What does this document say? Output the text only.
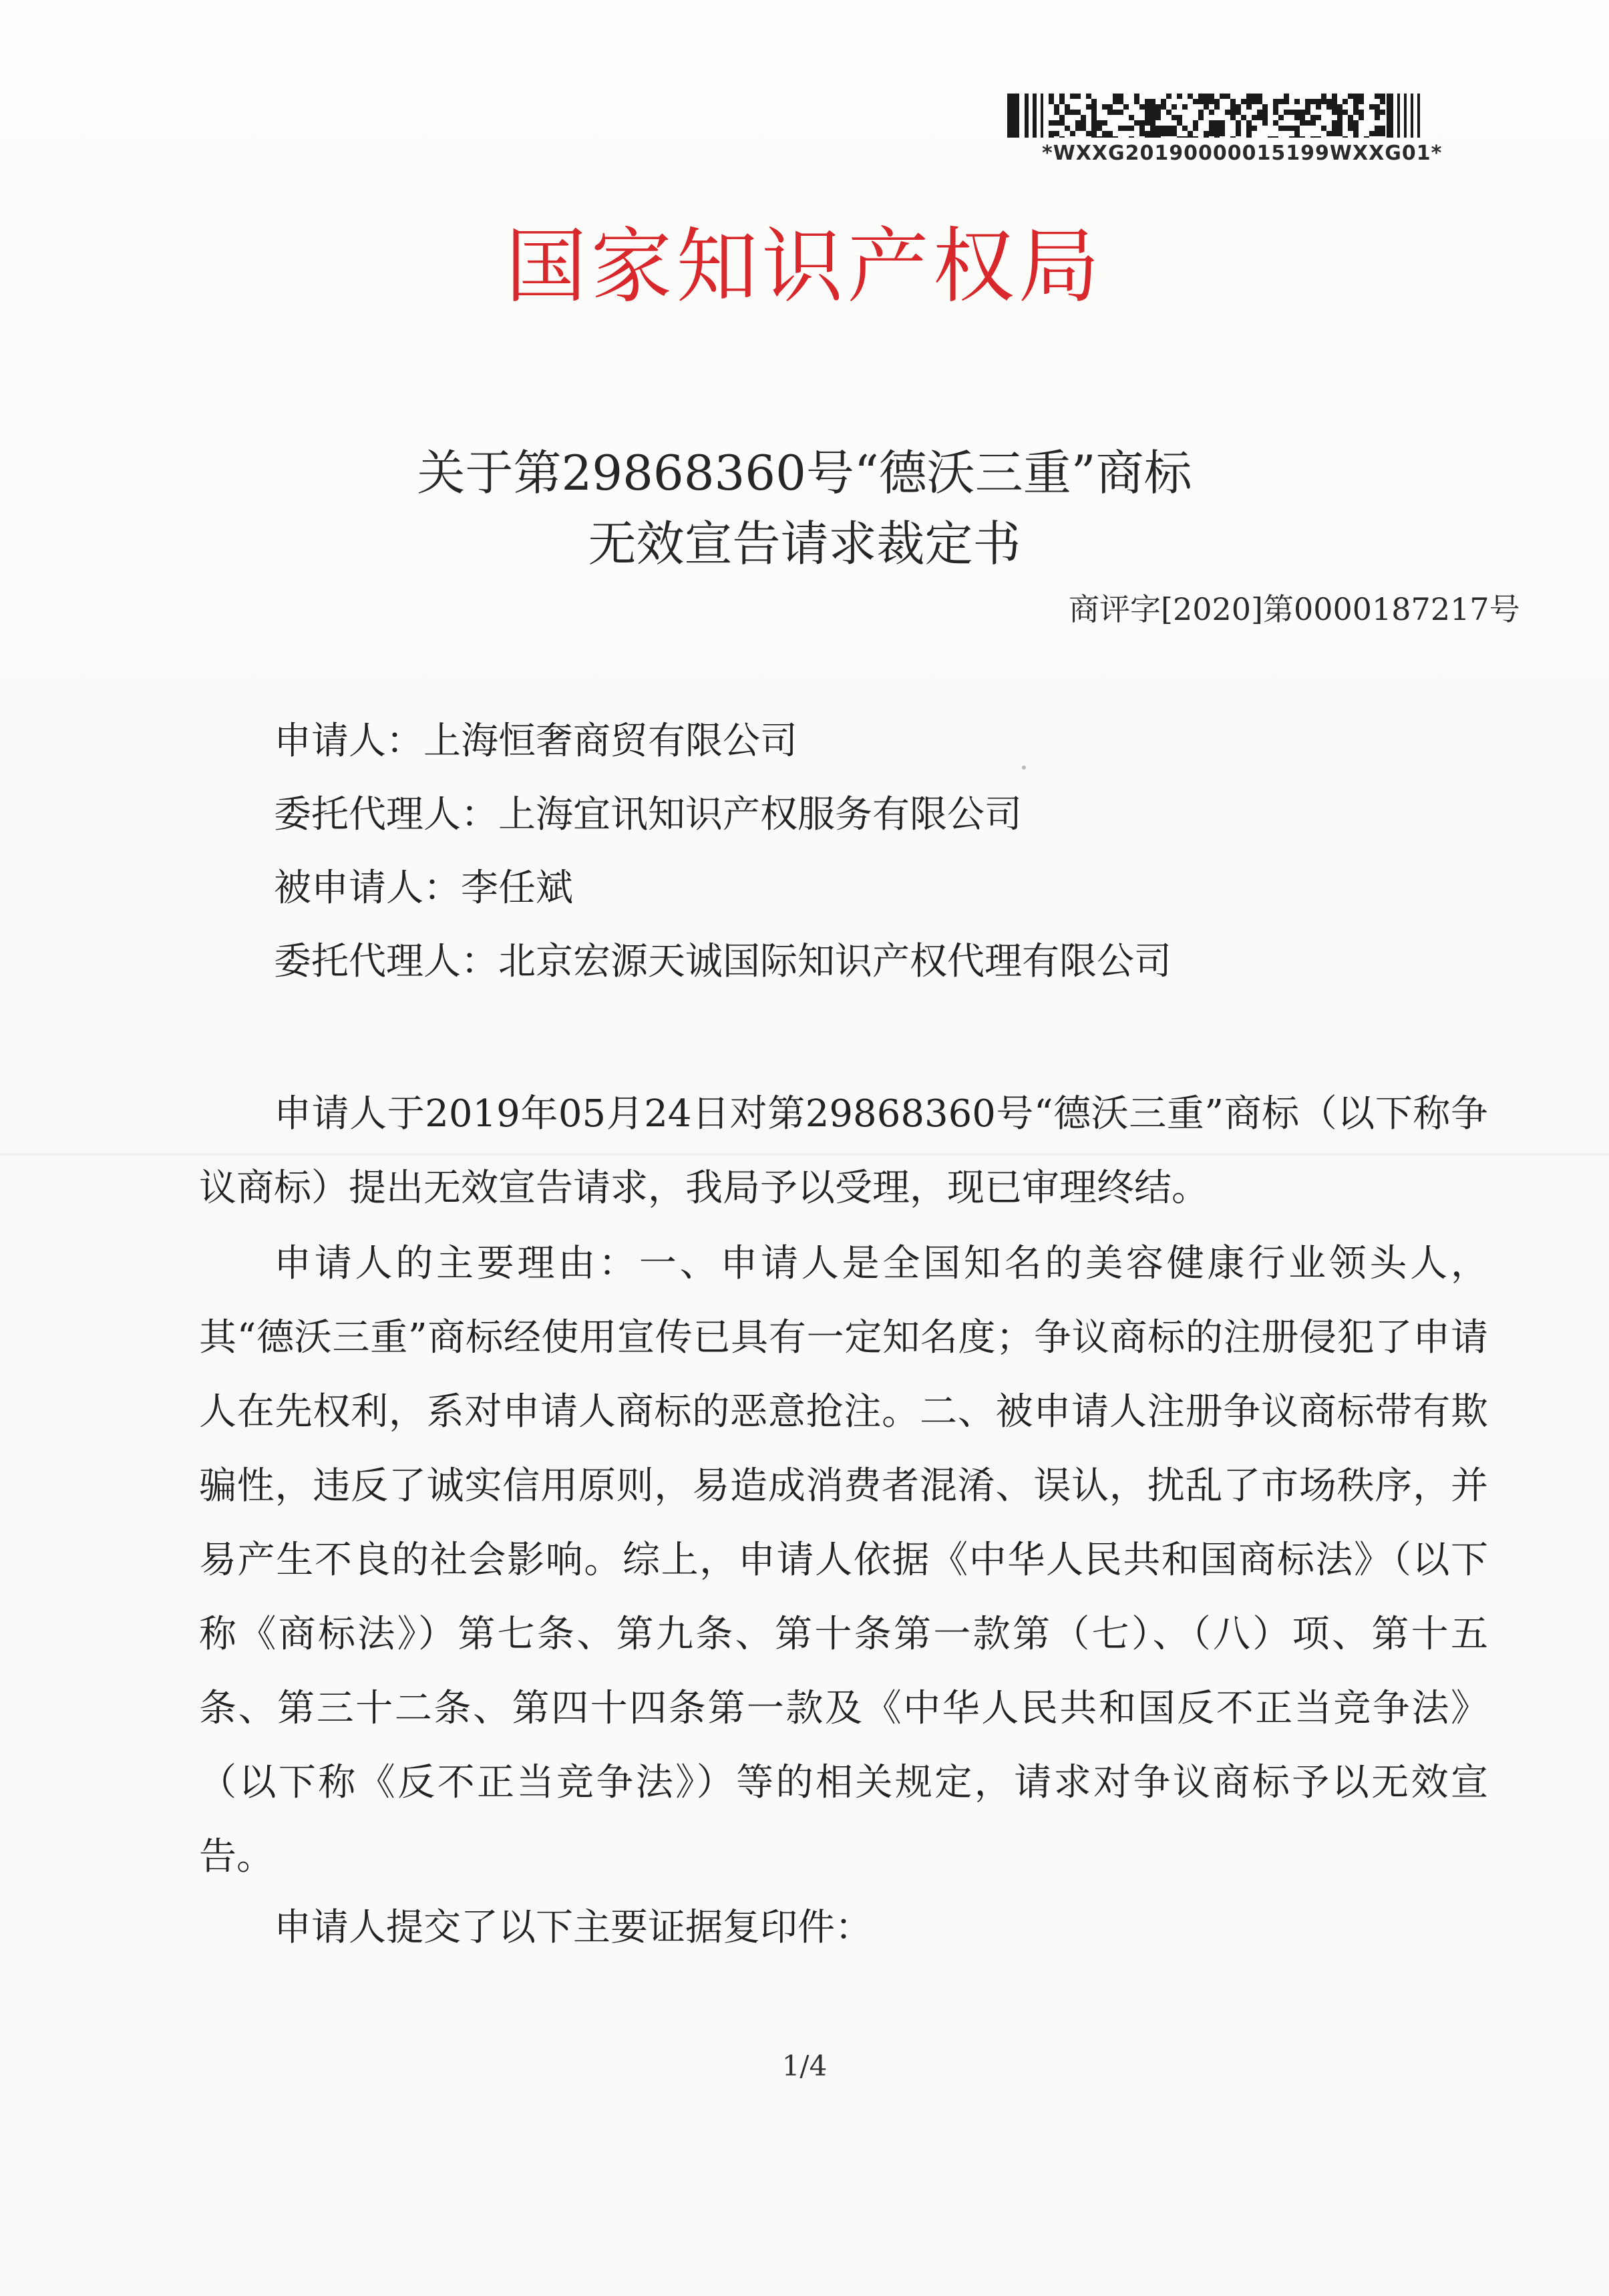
*WXXG20190000015199WXXG01*
国家知识产权局
关于第29868360号“德沃三重”商标
无效宣告请求裁定书
商评字[2020]第0000187217号
申请人：上海恒奢商贸有限公司
委托代理人：上海宜讯知识产权服务有限公司
被申请人：李任斌
委托代理人：北京宏源天诚国际知识产权代理有限公司

申请人于2019年05月24日对第29868360号“德沃三重”商标（以下称争议商标）提出无效宣告请求，我局予以受理，现已审理终结。

申请人的主要理由：一、申请人是全国知名的美容健康行业领头人，其“德沃三重”商标经使用宣传已具有一定知名度；争议商标的注册侵犯了申请人在先权利，系对申请人商标的恶意抢注。二、被申请人注册争议商标带有欺骗性，违反了诚实信用原则，易造成消费者混淆、误认，扰乱了市场秩序，并易产生不良的社会影响。综上，申请人依据《中华人民共和国商标法》（以下称《商标法》）第七条、第九条、第十条第一款第（七）、（八）项、第十五条、第三十二条、第四十四条第一款及《中华人民共和国反不正当竞争法》（以下称《反不正当竞争法》）等的相关规定，请求对争议商标予以无效宣告。

申请人提交了以下主要证据复印件：

1/4
